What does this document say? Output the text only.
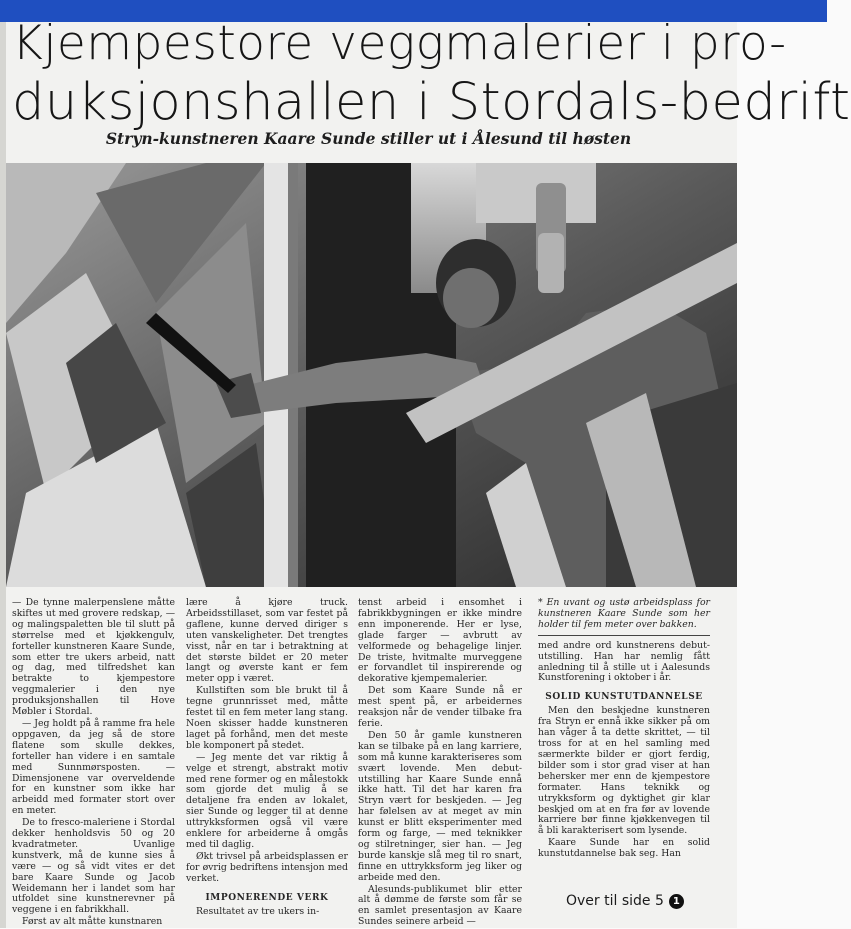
Kjempestore veggmalerier i pro-
duksjonshallen i Stordals-bedrift
Stryn-kunstneren Kaare Sunde stiller ut i Ålesund til høsten

— De tynne malerpenslene måtte skiftes ut med grovere redskap, — og malingspaletten ble til slutt på størrelse med et kjøkkengulv, forteller kunstneren Kaare Sunde, som etter tre ukers arbeid, natt og dag, med tilfredshet kan betrakte to kjempestore veggmalerier i den nye produksjonshallen til Hove Møbler i Stordal.

— Jeg holdt på å ramme fra hele oppgaven, da jeg så de store flatene som skulle dekkes, forteller han videre i en samtale med Sunnmørsposten. — Dimensjonene var overveldende for en kunstner som ikke har arbeidd med formater stort over en meter.

De to fresco-maleriene i Stordal dekker henholdsvis 50 og 20 kvadratmeter. Uvanlige kunstverk, må de kunne sies å være — og så vidt vites er det bare Kaare Sunde og Jacob Weidemann her i landet som har utfoldet sine kunstnerevner på veggene i en fabrikkhall.

Først av alt måtte kunstnaren

lære å kjøre truck. Arbeidsstillaset, som var festet på gaflene, kunne derved diriger s uten vanskeligheter. Det trengtes visst, når en tar i betraktning at det største bildet er 20 meter langt og øverste kant er fem meter opp i været.

Kullstiften som ble brukt til å tegne grunnrisset med, måtte festet til en fem meter lang stang. Noen skisser hadde kunstneren laget på forhånd, men det meste ble komponert på stedet.

— Jeg mente det var riktig å velge et strengt, abstrakt motiv med rene former og en målestokk som gjorde det mulig å se detaljene fra enden av lokalet, sier Sunde og legger til at denne uttrykksformen også vil være enklere for arbeiderne å omgås med til daglig.

Økt trivsel på arbeidsplassen er for øvrig bedriftens intensjon med verket.

IMPONERENDE VERK

Resultatet av tre ukers in-

tenst arbeid i ensomhet i fabrikkbygningen er ikke mindre enn imponerende. Her er lyse, glade farger — avbrutt av velformede og behagelige linjer. De triste, hvitmalte murveggene er forvandlet til inspirerende og dekorative kjempemalerier.

Det som Kaare Sunde nå er mest spent på, er arbeidernes reaksjon når de vender tilbake fra ferie.

Den 50 år gamle kunstneren kan se tilbake på en lang karriere, som må kunne karakteriseres som svært lovende. Men debut-utstilling har Kaare Sunde ennå ikke hatt. Til det har karen fra Stryn vært for beskjeden. — Jeg har følelsen av at meget av min kunst er blitt eksperimenter med form og farge, — med teknikker og stilretninger, sier han. — Jeg burde kanskje slå meg til ro snart, finne en uttrykksform jeg liker og arbeide med den.

Alesunds-publikumet blir etter alt å dømme de første som får se en samlet presentasjon av Kaare Sundes seinere arbeid —

* En uvant og ustø arbeidsplass for kunstneren Kaare Sunde som her holder til fem meter over bakken.

med andre ord kunstnerens debut-utstilling. Han har nemlig fått anledning til å stille ut i Aalesunds Kunstforening i oktober i år.

SOLID KUNSTUTDANNELSE

Men den beskjedne kunstneren fra Stryn er ennå ikke sikker på om han våger å ta dette skrittet, — til tross for at en hel samling med særmerkte bilder er gjort ferdig, bilder som i stor grad viser at han behersker mer enn de kjempestore formater. Hans teknikk og utrykksform og dyktighet gir klar beskjed om at en fra før av lovende karriere bør finne kjøkkenvegen til å bli karakterisert som lysende.

Kaare Sunde har en solid kunstutdannelse bak seg. Han

Over til side 5 1
